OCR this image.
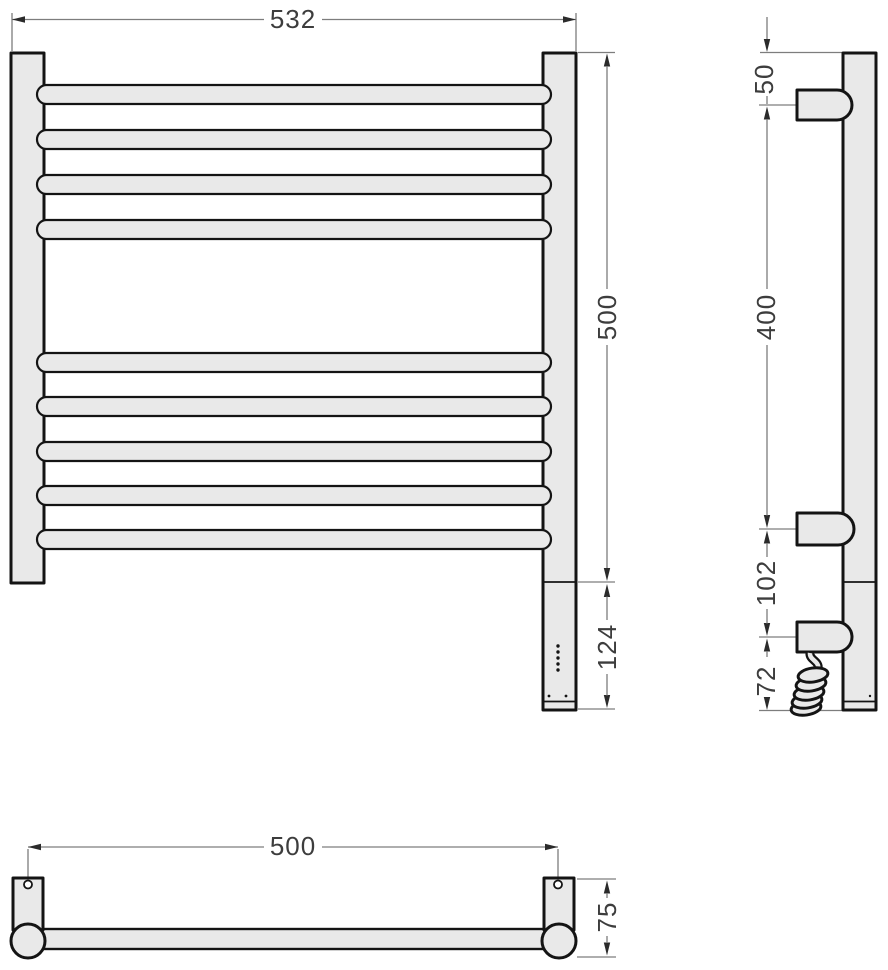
532
500
124
50
400
102
72
500
75
